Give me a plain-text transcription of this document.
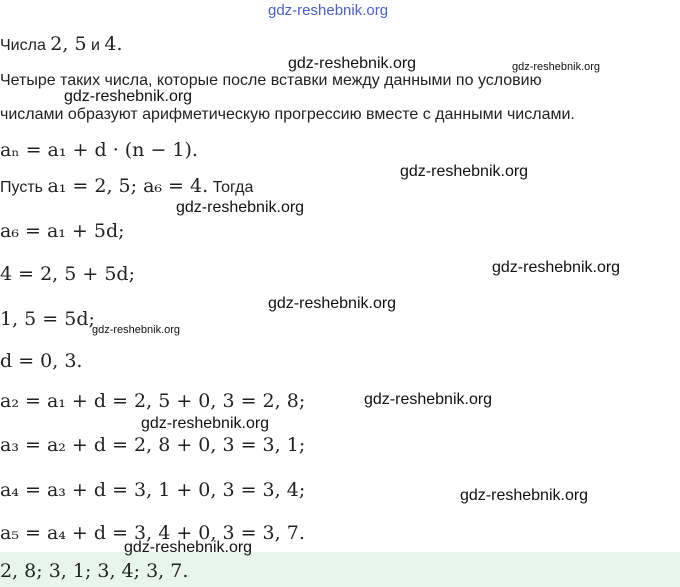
gdz-reshebnik.org
Числа 2, 5 и 4.
Четыре таких числа, которые после вставки между данными по условию
числами образуют арифметическую прогрессию вместе с данными числами.
aₙ = a₁ + d · (n − 1).
Пусть a₁ = 2, 5; a₆ = 4. Тогда
a₆ = a₁ + 5d;
4 = 2, 5 + 5d;
1, 5 = 5d;
d = 0, 3.
a₂ = a₁ + d = 2, 5 + 0, 3 = 2, 8;
a₃ = a₂ + d = 2, 8 + 0, 3 = 3, 1;
a₄ = a₃ + d = 3, 1 + 0, 3 = 3, 4;
a₅ = a₄ + d = 3, 4 + 0, 3 = 3, 7.
2, 8; 3, 1; 3, 4; 3, 7.
gdz-reshebnik.org	gdz-reshebnik.org
gdz-reshebnik.org
gdz-reshebnik.org
gdz-reshebnik.org
gdz-reshebnik.org
gdz-reshebnik.org
gdz-reshebnik.org
gdz-reshebnik.org
gdz-reshebnik.org
gdz-reshebnik.org
gdz-reshebnik.org
